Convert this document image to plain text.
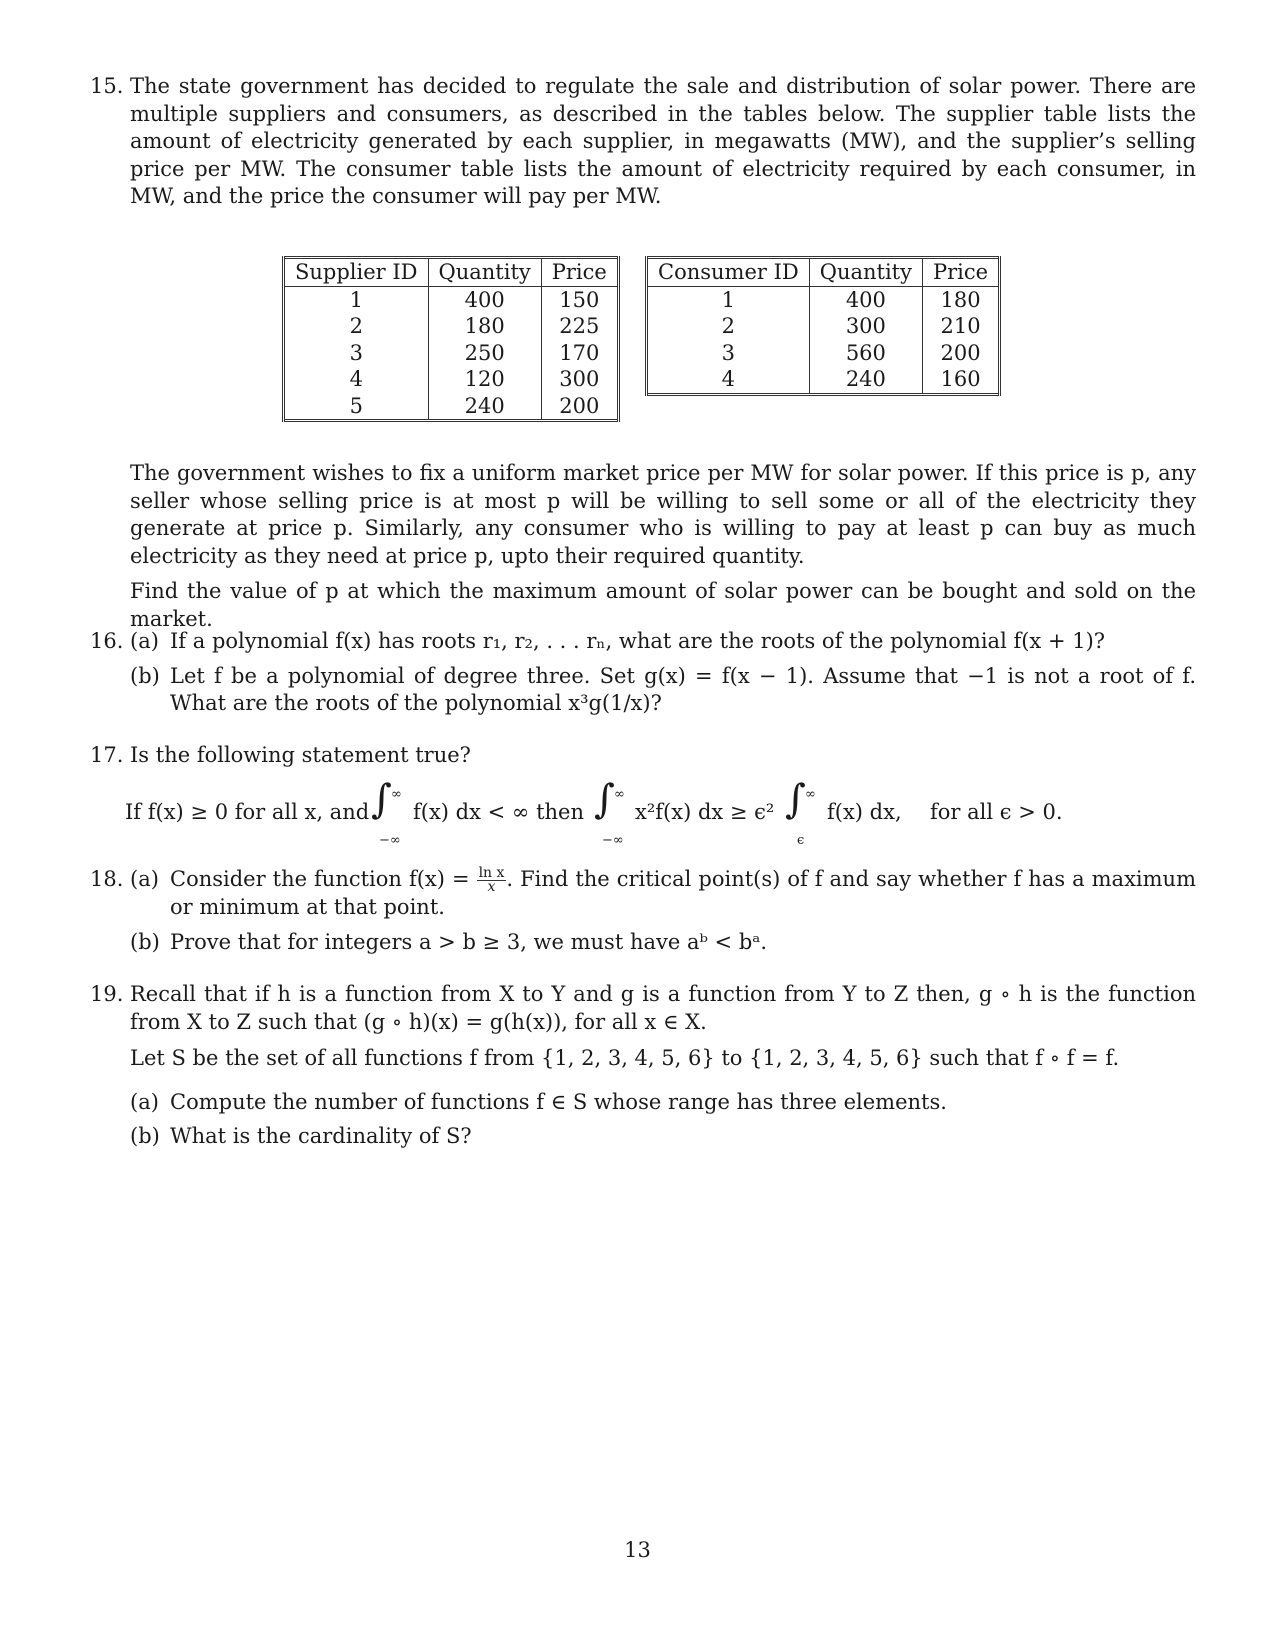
15. The state government has decided to regulate the sale and distribution of solar power. There are multiple suppliers and consumers, as described in the tables below. The supplier table lists the amount of electricity generated by each supplier, in megawatts (MW), and the supplier’s selling price per MW. The consumer table lists the amount of electricity required by each consumer, in MW, and the price the consumer will pay per MW.

Supplier ID	Quantity	Price
1	400	150
2	180	225
3	250	170
4	120	300
5	240	200
Consumer ID	Quantity	Price
1	400	180
2	300	210
3	560	200
4	240	160

The government wishes to fix a uniform market price per MW for solar power. If this price is p, any seller whose selling price is at most p will be willing to sell some or all of the electricity they generate at price p. Similarly, any consumer who is willing to pay at least p can buy as much electricity as they need at price p, upto their required quantity.

Find the value of p at which the maximum amount of solar power can be bought and sold on the market.

16. (a) If a polynomial f(x) has roots r₁, r₂, . . . rₙ, what are the roots of the polynomial f(x + 1)?
(b) Let f be a polynomial of degree three. Set g(x) = f(x − 1). Assume that −1 is not a root of f. What are the roots of the polynomial x³g(1/x)?
17. Is the following statement true?

If f(x) ≥ 0 for all x, and ∫ ∞
−∞
f(x) dx < ∞ then ∫ ∞
−∞
x²f(x) dx ≥ ϵ² ∫ ∞
ϵ
f(x) dx, for all ϵ > 0.
18. (a) Consider the function $f(x) = \frac{\text{ln x}}{x}$ . Find the critical point(s) of f and say whether f has a maximum or minimum at that point.
(b) Prove that for integers a > b ≥ 3, we must have aᵇ < bᵃ.
19. Recall that if h is a function from X to Y and g is a function from Y to Z then, g ∘ h is the function from X to Z such that (g ∘ h)(x) = g(h(x)), for all x ∈ X.

Let S be the set of all functions f from {1, 2, 3, 4, 5, 6} to {1, 2, 3, 4, 5, 6} such that f ∘ f = f.

(a) Compute the number of functions f ∈ S whose range has three elements.
(b) What is the cardinality of S?
13
